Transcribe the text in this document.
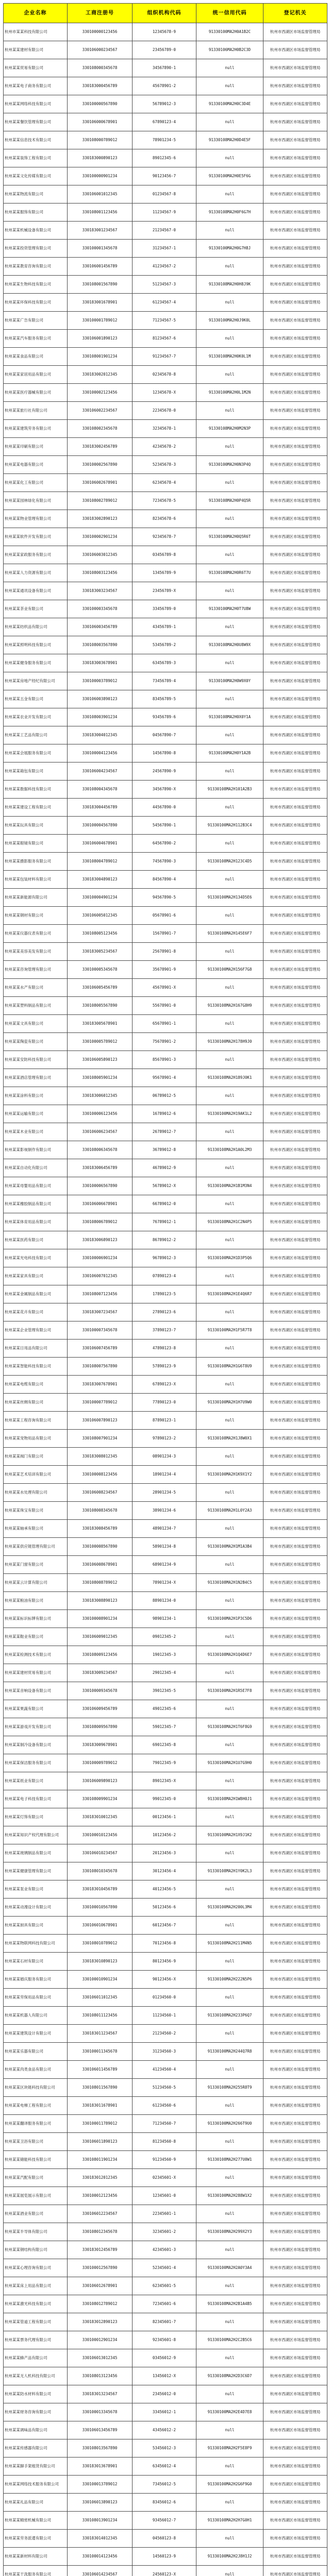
企业名称	工商注册号	组织机构代码	统一信用代码	登记机关
杭州市某某科技有限公司	330100000123456	12345678-9	91330100MA2H0A1B2C	杭州市西湖区市场监督管理局
杭州某某建材有限公司	330106000234567	23456789-0	91330106MA2H0B2C3D	杭州市西湖区市场监督管理局
杭州某某贸易有限公司	330108000345678	34567890-1	null	杭州市西湖区市场监督管理局
杭州某某电子商务有限公司	330183000456789	45678901-2	null	杭州市西湖区市场监督管理局
杭州某某网络科技有限公司	330100000567890	56789012-3	91330100MA2H0C3D4E	杭州市西湖区市场监督管理局
杭州某某餐饮管理有限公司	330106000678901	67890123-4	null	杭州市西湖区市场监督管理局
杭州某某信息技术有限公司	330108000789012	78901234-5	91330108MA2H0D4E5F	杭州市西湖区市场监督管理局
杭州某某装饰工程有限公司	330183000890123	89012345-6	null	杭州市西湖区市场监督管理局
杭州某某文化传媒有限公司	330100000901234	90123456-7	91330100MA2H0E5F6G	杭州市西湖区市场监督管理局
杭州某某物流有限公司	330106001012345	01234567-8	null	杭州市西湖区市场监督管理局
杭州某某服饰有限公司	330108001123456	11234567-9	91330108MA2H0F6G7H	杭州市西湖区市场监督管理局
杭州某某机械设备有限公司	330183001234567	21234567-0	null	杭州市西湖区市场监督管理局
杭州某某投资管理有限公司	330100001345678	31234567-1	91330100MA2H0G7H8J	杭州市西湖区市场监督管理局
杭州某某教育咨询有限公司	330106001456789	41234567-2	null	杭州市西湖区市场监督管理局
杭州某某生物科技有限公司	330108001567890	51234567-3	91330108MA2H0H8J9K	杭州市西湖区市场监督管理局
杭州某某环保科技有限公司	330183001678901	61234567-4	null	杭州市西湖区市场监督管理局
杭州某某广告有限公司	330100001789012	71234567-5	91330100MA2H0J9K0L	杭州市西湖区市场监督管理局
杭州某某汽车服务有限公司	330106001890123	81234567-6	null	杭州市西湖区市场监督管理局
杭州某某食品有限公司	330108001901234	91234567-7	91330108MA2H0K0L1M	杭州市西湖区市场监督管理局
杭州某某家居用品有限公司	330183002012345	02345678-8	null	杭州市西湖区市场监督管理局
杭州某某医疗器械有限公司	330100002123456	12345678-X	91330100MA2H0L1M2N	杭州市西湖区市场监督管理局
杭州某某旅行社有限公司	330106002234567	22345678-0	null	杭州市西湖区市场监督管理局
杭州某某建筑劳务有限公司	330108002345678	32345678-1	91330108MA2H0M2N3P	杭州市西湖区市场监督管理局
杭州某某印刷有限公司	330183002456789	42345678-2	null	杭州市西湖区市场监督管理局
杭州某某电器有限公司	330100002567890	52345678-3	91330100MA2H0N3P4Q	杭州市西湖区市场监督管理局
杭州某某化工有限公司	330106002678901	62345678-4	null	杭州市西湖区市场监督管理局
杭州某某园林绿化有限公司	330108002789012	72345678-5	91330108MA2H0P4Q5R	杭州市西湖区市场监督管理局
杭州某某物业管理有限公司	330183002890123	82345678-6	null	杭州市西湖区市场监督管理局
杭州某某软件开发有限公司	330100002901234	92345678-7	91330100MA2H0Q5R6T	杭州市西湖区市场监督管理局
杭州某某家政服务有限公司	330106003012345	03456789-8	null	杭州市西湖区市场监督管理局
杭州某某人力资源有限公司	330108003123456	13456789-9	91330108MA2H0R6T7U	杭州市西湖区市场监督管理局
杭州某某通讯设备有限公司	330183003234567	23456789-X	null	杭州市西湖区市场监督管理局
杭州某某茶业有限公司	330100003345678	33456789-0	91330100MA2H0T7U8W	杭州市西湖区市场监督管理局
杭州某某纺织品有限公司	330106003456789	43456789-1	null	杭州市西湖区市场监督管理局
杭州某某照明科技有限公司	330108003567890	53456789-2	91330108MA2H0U8W9X	杭州市西湖区市场监督管理局
杭州某某健身服务有限公司	330183003678901	63456789-3	null	杭州市西湖区市场监督管理局
杭州某某房地产经纪有限公司	330100003789012	73456789-4	91330100MA2H0W9X0Y	杭州市西湖区市场监督管理局
杭州某某五金有限公司	330106003890123	83456789-5	null	杭州市西湖区市场监督管理局
杭州某某农业开发有限公司	330108003901234	93456789-6	91330108MA2H0X0Y1A	杭州市西湖区市场监督管理局
杭州某某工艺品有限公司	330183004012345	04567890-7	null	杭州市西湖区市场监督管理局
杭州某某会展服务有限公司	330100004123456	14567890-8	91330100MA2H0Y1A2B	杭州市西湖区市场监督管理局
杭州某某箱包有限公司	330106004234567	24567890-9	null	杭州市西湖区市场监督管理局
杭州某某数据科技有限公司	330108004345678	34567890-X	91330108MA2H101A2B3	杭州市西湖区市场监督管理局
杭州某某建设工程有限公司	330183004456789	44567890-0	null	杭州市西湖区市场监督管理局
杭州某某玩具有限公司	330100004567890	54567890-1	91330100MA2H112B3C4	杭州市西湖区市场监督管理局
杭州某某眼镜有限公司	330106004678901	64567890-2	null	杭州市西湖区市场监督管理局
杭州某某摄影服务有限公司	330108004789012	74567890-3	91330108MA2H123C4D5	杭州市西湖区市场监督管理局
杭州某某包装材料有限公司	330183004890123	84567890-4	null	杭州市西湖区市场监督管理局
杭州某某新能源有限公司	330100004901234	94567890-5	91330100MA2H134D5E6	杭州市西湖区市场监督管理局
杭州某某钢材有限公司	330106005012345	05678901-6	null	杭州市西湖区市场监督管理局
杭州某某仪器仪表有限公司	330108005123456	15678901-7	91330108MA2H145E6F7	杭州市西湖区市场监督管理局
杭州某某美容美发有限公司	330183005234567	25678901-8	null	杭州市西湖区市场监督管理局
杭州某某咨询管理有限公司	330100005345678	35678901-9	91330100MA2H156F7G8	杭州市西湖区市场监督管理局
杭州某某水产有限公司	330106005456789	45678901-X	null	杭州市西湖区市场监督管理局
杭州某某塑料制品有限公司	330108005567890	55678901-0	91330108MA2H167G8H9	杭州市西湖区市场监督管理局
杭州某某文具有限公司	330183005678901	65678901-1	null	杭州市西湖区市场监督管理局
杭州某某陶瓷有限公司	330100005789012	75678901-2	91330100MA2H178H9J0	杭州市西湖区市场监督管理局
杭州某某安防科技有限公司	330106005890123	85678901-3	null	杭州市西湖区市场监督管理局
杭州某某酒店管理有限公司	330108005901234	95678901-4	91330108MA2H189J0K1	杭州市西湖区市场监督管理局
杭州某某涂料有限公司	330183006012345	06789012-5	null	杭州市西湖区市场监督管理局
杭州某某运输有限公司	330100006123456	16789012-6	91330100MA2H19AK1L2	杭州市西湖区市场监督管理局
杭州某某木业有限公司	330106006234567	26789012-7	null	杭州市西湖区市场监督管理局
杭州某某影视制作有限公司	330108006345678	36789012-8	91330108MA2H1A0L2M3	杭州市西湖区市场监督管理局
杭州某某自动化有限公司	330183006456789	46789012-9	null	杭州市西湖区市场监督管理局
杭州某某母婴用品有限公司	330100006567890	56789012-X	91330100MA2H1B1M3N4	杭州市西湖区市场监督管理局
杭州某某橡胶制品有限公司	330106006678901	66789012-0	null	杭州市西湖区市场监督管理局
杭州某某体育用品有限公司	330108006789012	76789012-1	91330108MA2H1C2N4P5	杭州市西湖区市场监督管理局
杭州某某医药有限公司	330183006890123	86789012-2	null	杭州市西湖区市场监督管理局
杭州某某光电科技有限公司	330100006901234	96789012-3	91330100MA2H1D3P5Q6	杭州市西湖区市场监督管理局
杭州某某家具有限公司	330106007012345	07890123-4	null	杭州市西湖区市场监督管理局
杭州某某金属制品有限公司	330108007123456	17890123-5	91330108MA2H1E4Q6R7	杭州市西湖区市场监督管理局
杭州某某花卉有限公司	330183007234567	27890123-6	null	杭州市西湖区市场监督管理局
杭州某某企业管理有限公司	330100007345678	37890123-7	91330100MA2H1F5R7T8	杭州市西湖区市场监督管理局
杭州某某日用品有限公司	330106007456789	47890123-8	null	杭州市西湖区市场监督管理局
杭州某某智能科技有限公司	330108007567890	57890123-9	91330108MA2H1G6T8U9	杭州市西湖区市场监督管理局
杭州某某电缆有限公司	330183007678901	67890123-X	null	杭州市西湖区市场监督管理局
杭州某某丝绸有限公司	330100007789012	77890123-0	91330100MA2H1H7U9W0	杭州市西湖区市场监督管理局
杭州某某工程咨询有限公司	330106007890123	87890123-1	null	杭州市西湖区市场监督管理局
杭州某某宠物用品有限公司	330108007901234	97890123-2	91330108MA2H1J8W0X1	杭州市西湖区市场监督管理局
杭州某某阀门有限公司	330183008012345	08901234-3	null	杭州市西湖区市场监督管理局
杭州某某艺术培训有限公司	330100008123456	18901234-4	91330100MA2H1K9X1Y2	杭州市西湖区市场监督管理局
杭州某某水处理有限公司	330106008234567	28901234-5	null	杭州市西湖区市场监督管理局
杭州某某珠宝有限公司	330108008345678	38901234-6	91330108MA2H1L0Y2A3	杭州市西湖区市场监督管理局
杭州某某轴承有限公司	330183008456789	48901234-7	null	杭州市西湖区市场监督管理局
杭州某某供应链管理有限公司	330100008567890	58901234-8	91330100MA2H1M1A3B4	杭州市西湖区市场监督管理局
杭州某某门窗有限公司	330106008678901	68901234-9	null	杭州市西湖区市场监督管理局
杭州某某云计算有限公司	330108008789012	78901234-X	91330108MA2H1N2B4C5	杭州市西湖区市场监督管理局
杭州某某粮油有限公司	330183008890123	88901234-0	null	杭州市西湖区市场监督管理局
杭州某某标识标牌有限公司	330100008901234	98901234-1	91330100MA2H1P3C5D6	杭州市西湖区市场监督管理局
杭州某某鞋业有限公司	330106009012345	09012345-2	null	杭州市西湖区市场监督管理局
杭州某某检测技术有限公司	330108009123456	19012345-3	91330108MA2H1Q4D6E7	杭州市西湖区市场监督管理局
杭州某某建材贸易有限公司	330183009234567	29012345-4	null	杭州市西湖区市场监督管理局
杭州某某音响设备有限公司	330100009345678	39012345-5	91330100MA2H1R5E7F8	杭州市西湖区市场监督管理局
杭州某某果蔬有限公司	330106009456789	49012345-6	null	杭州市西湖区市场监督管理局
杭州某某游戏开发有限公司	330108009567890	59012345-7	91330108MA2H1T6F8G9	杭州市西湖区市场监督管理局
杭州某某制冷设备有限公司	330183009678901	69012345-8	null	杭州市西湖区市场监督管理局
杭州某某保洁服务有限公司	330100009789012	79012345-9	91330100MA2H1U7G9H0	杭州市西湖区市场监督管理局
杭州某某纸业有限公司	330106009890123	89012345-X	null	杭州市西湖区市场监督管理局
杭州某某电子科技有限公司	330108009901234	99012345-0	91330108MA2H1W8H0J1	杭州市西湖区市场监督管理局
杭州某某灯饰有限公司	330183010012345	00123456-1	null	杭州市西湖区市场监督管理局
杭州某某知识产权代理有限公司	330100010123456	10123456-2	91330100MA2H1X9J1K2	杭州市西湖区市场监督管理局
杭州某某玻璃制品有限公司	330106010234567	20123456-3	null	杭州市西湖区市场监督管理局
杭州某某健康管理有限公司	330108010345678	30123456-4	91330108MA2H1Y0K2L3	杭州市西湖区市场监督管理局
杭州某某泵业有限公司	330183010456789	40123456-5	null	杭州市西湖区市场监督管理局
杭州某某动漫设计有限公司	330100010567890	50123456-6	91330100MA2H200L3M4	杭州市西湖区市场监督管理局
杭州某某厨具有限公司	330106010678901	60123456-7	null	杭州市西湖区市场监督管理局
杭州某某物联网科技有限公司	330108010789012	70123456-8	91330108MA2H211M4N5	杭州市西湖区市场监督管理局
杭州某某石材有限公司	330183010890123	80123456-9	null	杭州市西湖区市场监督管理局
杭州某某婚庆服务有限公司	330100010901234	90123456-X	91330100MA2H222N5P6	杭州市西湖区市场监督管理局
杭州某某劳保用品有限公司	330106011012345	01234560-0	null	杭州市西湖区市场监督管理局
杭州某某机器人有限公司	330108011123456	11234560-1	91330108MA2H233P6Q7	杭州市西湖区市场监督管理局
杭州某某建筑设计有限公司	330183011234567	21234560-2	null	杭州市西湖区市场监督管理局
杭州某某乐器有限公司	330100011345678	31234560-3	91330100MA2H244Q7R8	杭州市西湖区市场监督管理局
杭州某某肉类食品有限公司	330106011456789	41234560-4	null	杭州市西湖区市场监督管理局
杭州某某区块链科技有限公司	330108011567890	51234560-5	91330108MA2H255R8T9	杭州市西湖区市场监督管理局
杭州某某电梯工程有限公司	330183011678901	61234560-6	null	杭州市西湖区市场监督管理局
杭州某某翻译服务有限公司	330100011789012	71234560-7	91330100MA2H266T9U0	杭州市西湖区市场监督管理局
杭州某某卫浴有限公司	330106011890123	81234560-8	null	杭州市西湖区市场监督管理局
杭州某某储能科技有限公司	330108011901234	91234560-9	91330108MA2H277U0W1	杭州市西湖区市场监督管理局
杭州某某汽配有限公司	330183012012345	02345601-X	null	杭州市西湖区市场监督管理局
杭州某某展览展示有限公司	330100012123456	12345601-0	91330100MA2H288W1X2	杭州市西湖区市场监督管理局
杭州某某酒业有限公司	330106012234567	22345601-1	null	杭州市西湖区市场监督管理局
杭州某某半导体有限公司	330108012345678	32345601-2	91330108MA2H299X2Y3	杭州市西湖区市场监督管理局
杭州某某钢结构有限公司	330183012456789	42345601-3	null	杭州市西湖区市场监督管理局
杭州某某心理咨询有限公司	330100012567890	52345601-4	91330100MA2H2A0Y3A4	杭州市西湖区市场监督管理局
杭州某某床上用品有限公司	330106012678901	62345601-5	null	杭州市西湖区市场监督管理局
杭州某某激光科技有限公司	330108012789012	72345601-6	91330108MA2H2B1A4B5	杭州市西湖区市场监督管理局
杭州某某管道工程有限公司	330183012890123	82345601-7	null	杭州市西湖区市场监督管理局
杭州某某票务代理有限公司	330100012901234	92345601-8	91330100MA2H2C2B5C6	杭州市西湖区市场监督管理局
杭州某某蜂产品有限公司	330106013012345	03456012-9	null	杭州市西湖区市场监督管理局
杭州某某无人机科技有限公司	330108013123456	13456012-X	91330108MA2H2D3C6D7	杭州市西湖区市场监督管理局
杭州某某防水材料有限公司	330183013234567	23456012-0	null	杭州市西湖区市场监督管理局
杭州某某财务咨询有限公司	330100013345678	33456012-1	91330100MA2H2E4D7E8	杭州市西湖区市场监督管理局
杭州某某调味品有限公司	330106013456789	43456012-2	null	杭州市西湖区市场监督管理局
杭州某某传感器有限公司	330108013567890	53456012-3	91330108MA2H2F5E8F9	杭州市西湖区市场监督管理局
杭州某某脚手架租赁有限公司	330183013678901	63456012-4	null	杭州市西湖区市场监督管理局
杭州某某网络技术服务有限公司	330100013789012	73456012-5	91330100MA2H2G6F9G0	杭州市西湖区市场监督管理局
杭州某某礼品有限公司	330106013890123	83456012-6	null	杭州市西湖区市场监督管理局
杭州某某精密机械有限公司	330108013901234	93456012-7	91330108MA2H2H7G0H1	杭州市西湖区市场监督管理局
杭州某某劳务派遣有限公司	330183014012345	04560123-8	null	杭州市西湖区市场监督管理局
杭州某某新材料有限公司	330100014123456	14560123-9	91330100MA2H2J8H1J2	杭州市西湖区市场监督管理局
杭州某某干洗服务有限公司	330106014234567	24560123-X	null	杭州市西湖区市场监督管理局
